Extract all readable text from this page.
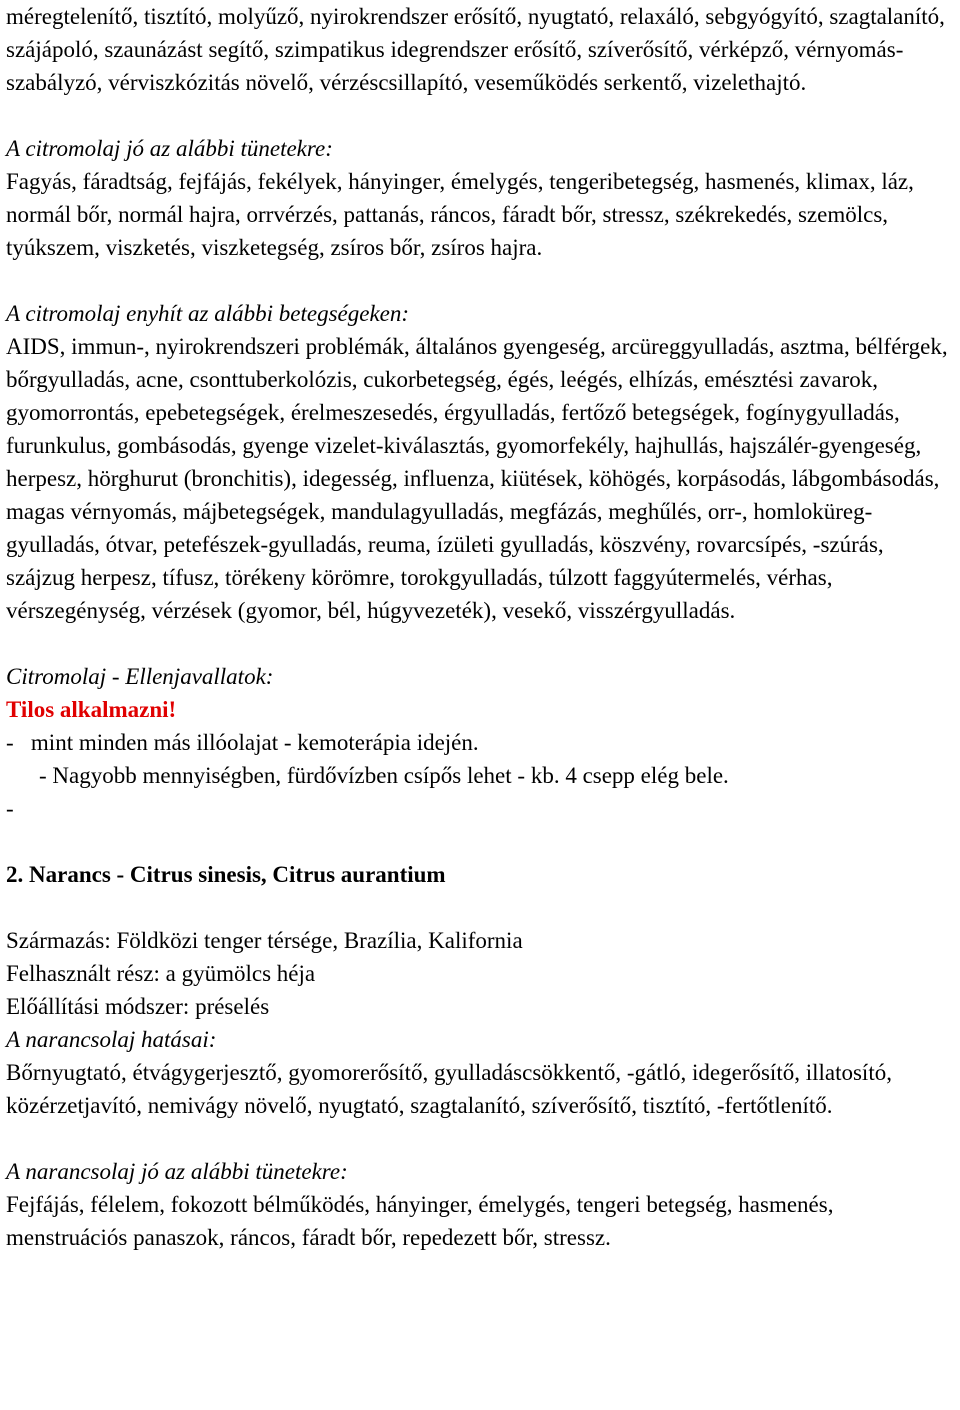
méregtelenítő, tisztító, molyűző, nyirokrendszer erősítő, nyugtató, relaxáló, sebgyógyító, szagtalanító, szájápoló, szaunázást segítő, szimpatikus idegrendszer erősítő, szíverősítő, vérképző, vérnyomás-szabályzó, vérviszkózitás növelő, vérzéscsillapító, veseműködés serkentő, vizelethajtó.

A citromolaj jó az alábbi tünetekre:

Fagyás, fáradtság, fejfájás, fekélyek, hányinger, émelygés, tengeribetegség, hasmenés, klimax, láz, normál bőr, normál hajra, orrvérzés, pattanás, ráncos, fáradt bőr, stressz, székrekedés, szemölcs, tyúkszem, viszketés, viszketegség, zsíros bőr, zsíros hajra.

A citromolaj enyhít az alábbi betegségeken:

AIDS, immun-, nyirokrendszeri problémák, általános gyengeség, arcüreggyulladás, asztma, bélférgek, bőrgyulladás, acne, csonttuberkolózis, cukorbetegség, égés, leégés, elhízás, emésztési zavarok, gyomorrontás, epebetegségek, érelmeszesedés, érgyulladás, fertőző betegségek, fogínygyulladás, furunkulus, gombásodás, gyenge vizelet-kiválasztás, gyomorfekély, hajhullás, hajszálér-gyengeség, herpesz, hörghurut (bronchitis), idegesség, influenza, kiütések, köhögés, korpásodás, lábgombásodás, magas vérnyomás, májbetegségek, mandulagyulladás, megfázás, meghűlés, orr-, homloküreg-gyulladás, ótvar, petefészek-gyulladás, reuma, ízületi gyulladás, köszvény, rovarcsípés, -szúrás, szájzug herpesz, tífusz, törékeny körömre, torokgyulladás, túlzott faggyútermelés, vérhas, vérszegénység, vérzések (gyomor, bél, húgyvezeték), vesekő, visszérgyulladás.

Citromolaj - Ellenjavallatok:

Tilos alkalmazni!

-   mint minden más illóolajat - kemoterápia idején.

- Nagyobb mennyiségben, fürdővízben csípős lehet - kb. 4 csepp elég bele.

-

2. Narancs - Citrus sinesis, Citrus aurantium

Származás: Földközi tenger térsége, Brazília, Kalifornia

Felhasznált rész: a gyümölcs héja

Előállítási módszer: préselés

A narancsolaj hatásai:

Bőrnyugtató, étvágygerjesztő, gyomorerősítő, gyulladáscsökkentő, -gátló, idegerősítő, illatosító, közérzetjavító, nemivágy növelő, nyugtató, szagtalanító, szíverősítő, tisztító, -fertőtlenítő.

A narancsolaj jó az alábbi tünetekre:

Fejfájás, félelem, fokozott bélműködés, hányinger, émelygés, tengeri betegség, hasmenés, menstruációs panaszok, ráncos, fáradt bőr, repedezett bőr, stressz.
